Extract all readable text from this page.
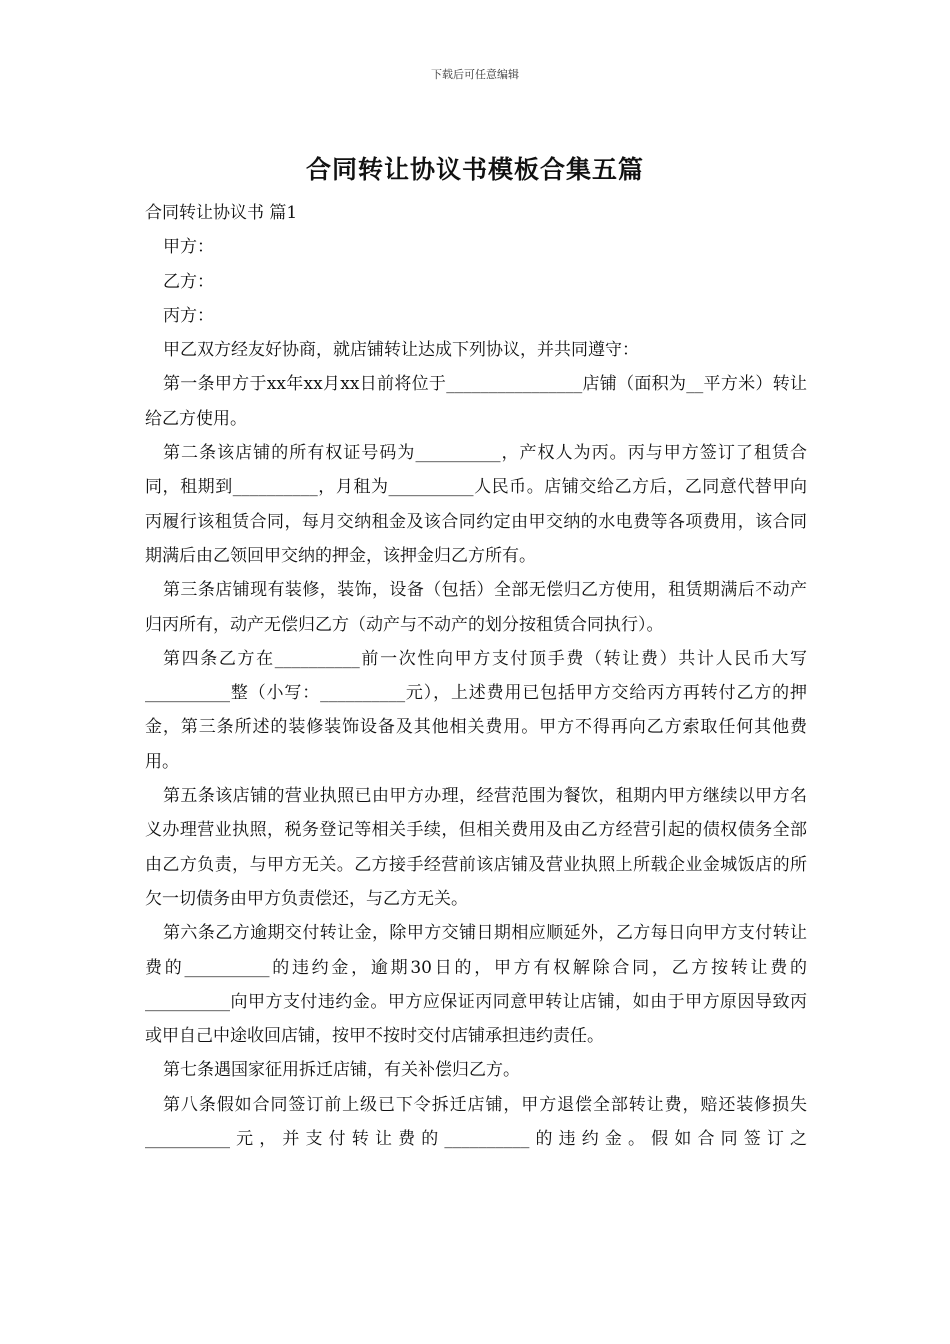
下载后可任意编辑
合同转让协议书模板合集五篇

合同转让协议书 篇1

甲方：

乙方：

丙方：

甲乙双方经友好协商，就店铺转让达成下列协议，并共同遵守：

第一条甲方于xx年xx月xx日前将位于________________店铺（面积为__平方米）转让给乙方使用。

第二条该店铺的所有权证号码为__________，产权人为丙。丙与甲方签订了租赁合同，租期到__________，月租为__________人民币。店铺交给乙方后，乙同意代替甲向丙履行该租赁合同，每月交纳租金及该合同约定由甲交纳的水电费等各项费用，该合同期满后由乙领回甲交纳的押金，该押金归乙方所有。

第三条店铺现有装修，装饰，设备（包括）全部无偿归乙方使用，租赁期满后不动产归丙所有，动产无偿归乙方（动产与不动产的划分按租赁合同执行）。

第四条乙方在__________前一次性向甲方支付顶手费（转让费）共计人民币大写__________整（小写：__________元），上述费用已包括甲方交给丙方再转付乙方的押金，第三条所述的装修装饰设备及其他相关费用。甲方不得再向乙方索取任何其他费用。

第五条该店铺的营业执照已由甲方办理，经营范围为餐饮，租期内甲方继续以甲方名义办理营业执照，税务登记等相关手续，但相关费用及由乙方经营引起的债权债务全部由乙方负责，与甲方无关。乙方接手经营前该店铺及营业执照上所载企业金城饭店的所欠一切债务由甲方负责偿还，与乙方无关。

第六条乙方逾期交付转让金，除甲方交铺日期相应顺延外，乙方每日向甲方支付转让费的__________的违约金，逾期30日的，甲方有权解除合同，乙方按转让费的__________向甲方支付违约金。甲方应保证丙同意甲转让店铺，如由于甲方原因导致丙或甲自己中途收回店铺，按甲不按时交付店铺承担违约责任。

第七条遇国家征用拆迁店铺，有关补偿归乙方。

第八条假如合同签订前上级已下令拆迁店铺，甲方退偿全部转让费，赔还装修损失__________元，并支付转让费的__________的违约金。假如合同签订之
